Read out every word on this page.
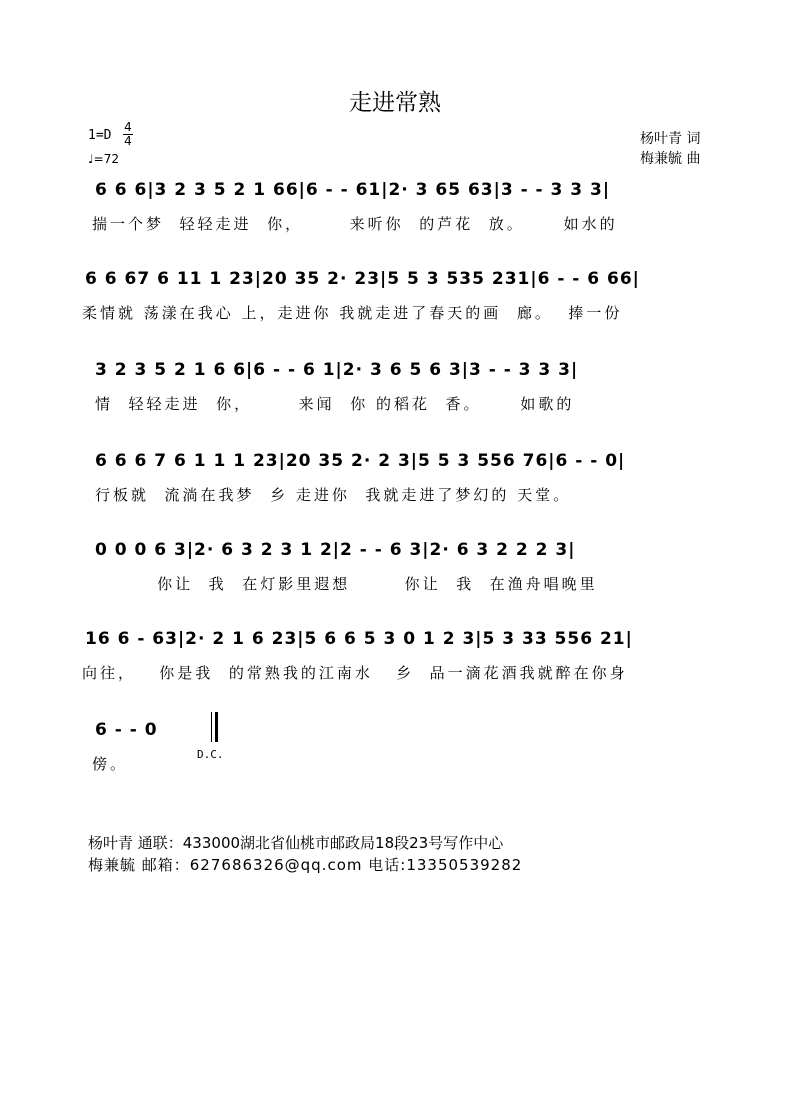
走进常熟
1=D
4
4
♩=72
杨叶青 词
梅兼毓 曲
6 6 6|3 2 3 5 2 1 66|6 - - 61|2· 3 65 63|3 - - 3 3 3|
揣一个梦  轻轻走进  你，      来听你  的芦花  放。     如水的
6 6 67 6 11 1 23|20 35 2· 23|5 5 3 535 231|6 - - 6 66|
柔情就 荡漾在我心 上，走进你 我就走进了春天的画  廊。  捧一份
3 2 3 5 2 1 6 6|6 - - 6 1|2· 3 6 5 6 3|3 - - 3 3 3|
情  轻轻走进  你，      来闻  你 的稻花  香。     如歌的
6 6 6 7 6 1 1 1 23|20 35 2· 2 3|5 5 3 556 76|6 - - 0|
行板就  流淌在我梦  乡 走进你  我就走进了梦幻的 天堂。
0 0 0 6 3|2· 6 3 2 3 1 2|2 - - 6 3|2· 6 3 2 2 2 3|
你让  我  在灯影里遐想       你让  我  在渔舟唱晚里
16 6 - 63|2· 2 1 6 23|5 6 6 5 3 0 1 2 3|5 3 33 556 21|
向往，   你是我  的常熟我的江南水   乡  品一滴花酒我就醉在你身
6 - - 0
傍。
D.C.
杨叶青 通联：433000湖北省仙桃市邮政局18段23号写作中心
梅兼毓 邮箱：627686326@qq.com 电话:13350539282
